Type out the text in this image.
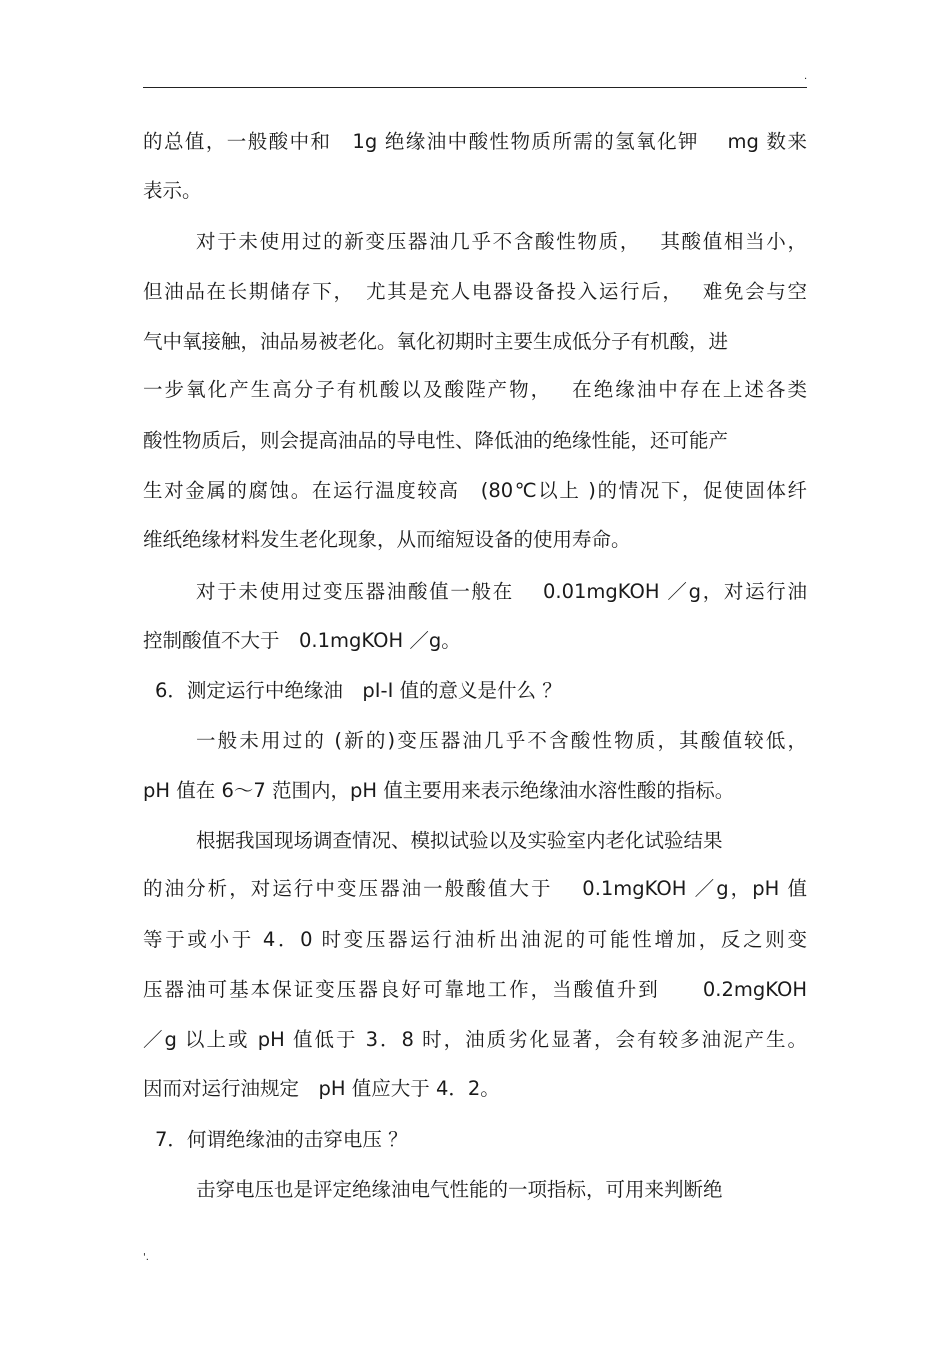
.
的总值，一般酸中和　1g 绝缘油中酸性物质所需的氢氧化钾　 mg 数来
表示。
对于未使用过的新变压器油几乎不含酸性物质，　 其酸值相当小，
但油品在长期储存下，　尤其是充人电器设备投入运行后，　 难免会与空
气中氧接触，油品易被老化。氧化初期时主要生成低分子有机酸，进
一步氧化产生高分子有机酸以及酸陛产物，　 在绝缘油中存在上述各类
酸性物质后，则会提高油品的导电性、降低油的绝缘性能，还可能产
生对金属的腐蚀。在运行温度较高　(80℃以上 )的情况下，促使固体纤
维纸绝缘材料发生老化现象，从而缩短设备的使用寿命。
对于未使用过变压器油酸值一般在　 0.01mgKOH ／g，对运行油
控制酸值不大于　0.1mgKOH ／g。
6．测定运行中绝缘油　pI-I 值的意义是什么 ？
一般未用过的 (新的)变压器油几乎不含酸性物质，其酸值较低，
pH 值在 6～7 范围内，pH 值主要用来表示绝缘油水溶性酸的指标。
根据我国现场调查情况、模拟试验以及实验室内老化试验结果
的油分析，对运行中变压器油一般酸值大于　 0.1mgKOH ／g，pH 值
等于或小于 4．0 时变压器运行油析出油泥的可能性增加，反之则变
压器油可基本保证变压器良好可靠地工作，当酸值升到　　0.2mgKOH
／g 以上或 pH 值低于 3．8 时，油质劣化显著，会有较多油泥产生。
因而对运行油规定　pH 值应大于 4．2。
7．何谓绝缘油的击穿电压 ？
击穿电压也是评定绝缘油电气性能的一项指标，可用来判断绝
'.
